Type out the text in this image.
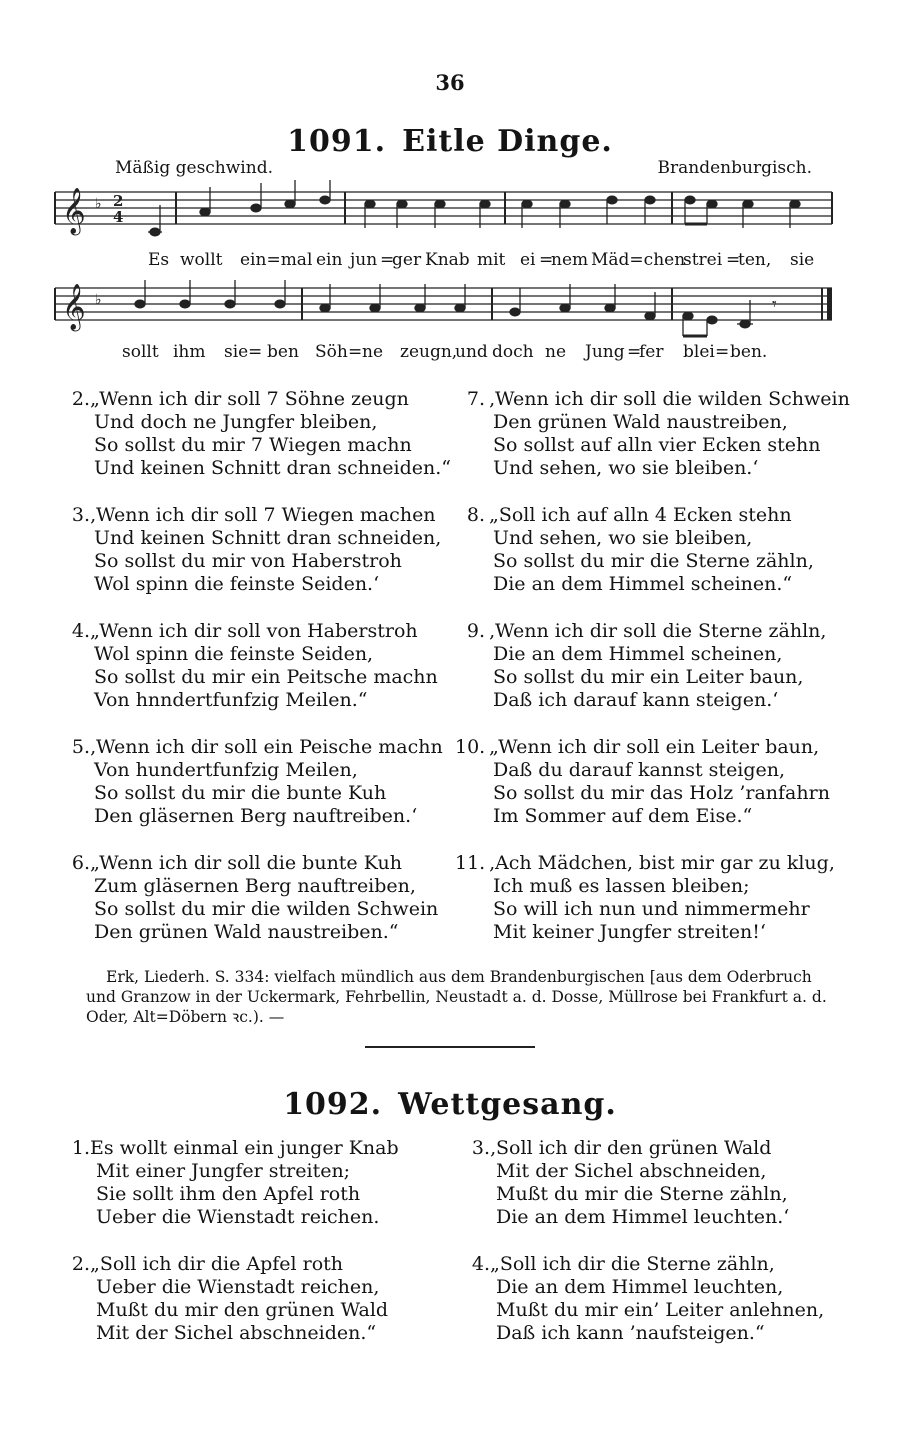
36
1091. Eitle Dinge.
Mäßig geschwind.	Brandenburgisch.
𝄞 ♭ 2
4
Es wollt ein=mal ein jun =
ger Knab mit ei =
nem Mäd=chen
strei =
ten, sie
𝄞 ♭	𝄾
sollt ihm sie = ben Söh = ne zeugn,
und doch ne Jung =
fer blei = ben.
2. „Wenn ich dir soll 7 Söhne zeugn
Und doch ne Jungfer bleiben,
So sollst du mir 7 Wiegen machn
Und keinen Schnitt dran schneiden.“
3. ‚Wenn ich dir soll 7 Wiegen machen
Und keinen Schnitt dran schneiden,
So sollst du mir von Haberstroh
Wol spinn die feinste Seiden.‘
4. „Wenn ich dir soll von Haberstroh
Wol spinn die feinste Seiden,
So sollst du mir ein Peitsche machn
Von hnndertfunfzig Meilen.“
5. ‚Wenn ich dir soll ein Peische machn
Von hundertfunfzig Meilen,
So sollst du mir die bunte Kuh
Den gläsernen Berg nauftreiben.‘
6. „Wenn ich dir soll die bunte Kuh
Zum gläsernen Berg nauftreiben,
So sollst du mir die wilden Schwein
Den grünen Wald naustreiben.“
7. ‚Wenn ich dir soll die wilden Schwein
Den grünen Wald naustreiben,
So sollst auf alln vier Ecken stehn
Und sehen, wo sie bleiben.‘
8. „Soll ich auf alln 4 Ecken stehn
Und sehen, wo sie bleiben,
So sollst du mir die Sterne zähln,
Die an dem Himmel scheinen.“
9. ‚Wenn ich dir soll die Sterne zähln,
Die an dem Himmel scheinen,
So sollst du mir ein Leiter baun,
Daß ich darauf kann steigen.‘
10. „Wenn ich dir soll ein Leiter baun,
Daß du darauf kannst steigen,
So sollst du mir das Holz ’ranfahrn
Im Sommer auf dem Eise.“
11. ‚Ach Mädchen, bist mir gar zu klug,
Ich muß es lassen bleiben;
So will ich nun und nimmermehr
Mit keiner Jungfer streiten!‘
Erk, Liederh. S. 334: vielfach mündlich aus dem Brandenburgischen [aus dem Oderbruch
und Granzow in der Uckermark, Fehrbellin, Neustadt a. d. Dosse, Müllrose bei Frankfurt a. d.
Oder, Alt=Döbern ꝛc.). —
1092. Wettgesang.
1. Es wollt einmal ein junger Knab
Mit einer Jungfer streiten;
Sie sollt ihm den Apfel roth
Ueber die Wienstadt reichen.
2. „Soll ich dir die Apfel roth
Ueber die Wienstadt reichen,
Mußt du mir den grünen Wald
Mit der Sichel abschneiden.“
3. ‚Soll ich dir den grünen Wald
Mit der Sichel abschneiden,
Mußt du mir die Sterne zähln,
Die an dem Himmel leuchten.‘
4. „Soll ich dir die Sterne zähln,
Die an dem Himmel leuchten,
Mußt du mir ein’ Leiter anlehnen,
Daß ich kann ’naufsteigen.“
